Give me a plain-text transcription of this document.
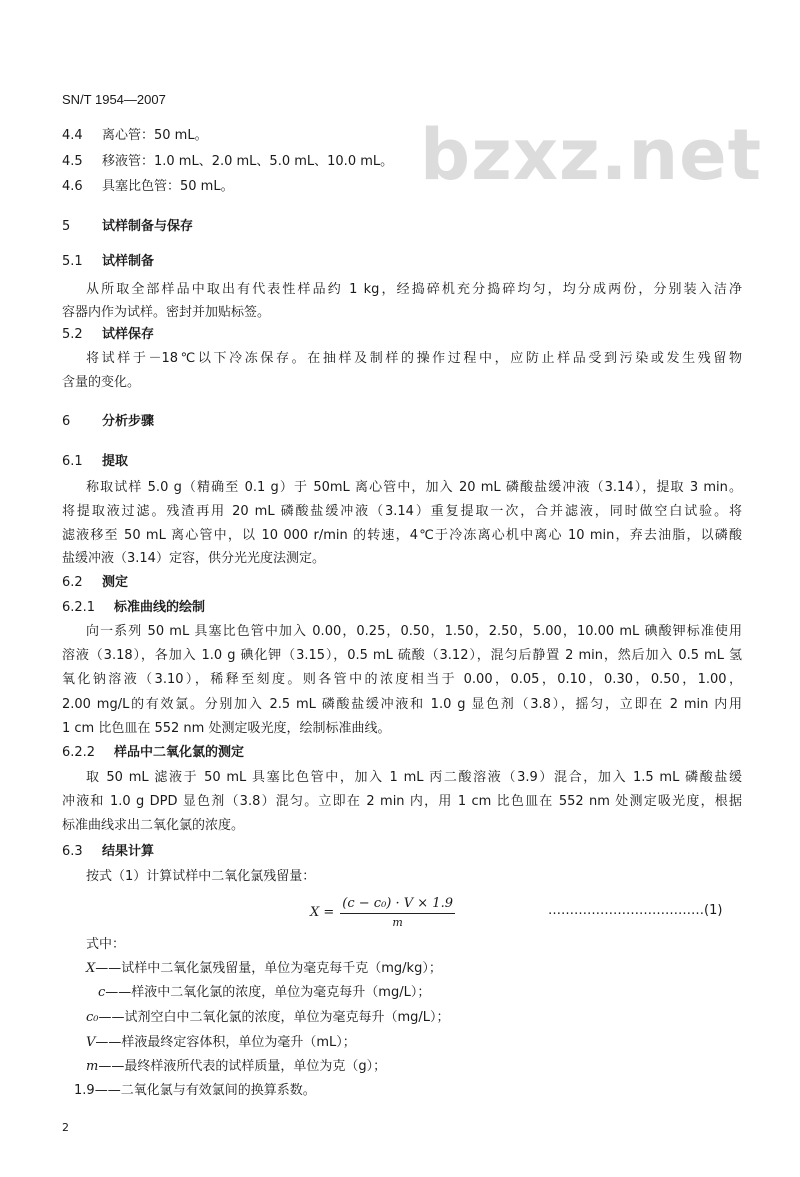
bzxz.net
SN/T 1954—2007
4.4 离心管：50 mL。
4.5 移液管：1.0 mL、2.0 mL、5.0 mL、10.0 mL。
4.6 具塞比色管：50 mL。
5 试样制备与保存
5.1 试样制备
从所取全部样品中取出有代表性样品约 1 kg，经捣碎机充分捣碎均匀，均分成两份，分别装入洁净
容器内作为试样。密封并加贴标签。
5.2 试样保存
将试样于－18℃以下冷冻保存。在抽样及制样的操作过程中，应防止样品受到污染或发生残留物
含量的变化。
6 分析步骤
6.1 提取
称取试样 5.0 g（精确至 0.1 g）于 50mL 离心管中，加入 20 mL 磷酸盐缓冲液（3.14），提取 3 min。
将提取液过滤。残渣再用 20 mL 磷酸盐缓冲液（3.14）重复提取一次，合并滤液，同时做空白试验。将
滤液移至 50 mL 离心管中，以 10 000 r/min 的转速，4℃于冷冻离心机中离心 10 min，弃去油脂，以磷酸
盐缓冲液（3.14）定容，供分光光度法测定。
6.2 测定
6.2.1 标准曲线的绘制
向一系列 50 mL 具塞比色管中加入 0.00，0.25，0.50，1.50，2.50，5.00，10.00 mL 碘酸钾标准使用
溶液（3.18），各加入 1.0 g 碘化钾（3.15），0.5 mL 硫酸（3.12），混匀后静置 2 min，然后加入 0.5 mL 氢
氧化钠溶液（3.10），稀释至刻度。则各管中的浓度相当于 0.00，0.05，0.10，0.30，0.50，1.00，
2.00 mg/L的有效氯。分别加入 2.5 mL 磷酸盐缓冲液和 1.0 g 显色剂（3.8），摇匀，立即在 2 min 内用
1 cm 比色皿在 552 nm 处测定吸光度，绘制标准曲线。
6.2.2 样品中二氧化氯的测定
取 50 mL 滤液于 50 mL 具塞比色管中，加入 1 mL 丙二酸溶液（3.9）混合，加入 1.5 mL 磷酸盐缓
冲液和 1.0 g DPD 显色剂（3.8）混匀。立即在 2 min 内，用 1 cm 比色皿在 552 nm 处测定吸光度，根据
标准曲线求出二氧化氯的浓度。
6.3 结果计算
按式（1）计算试样中二氧化氯残留量：
$X = \frac{\text{(c − c₀) · V × 1.9}}{m}$	………………………………(1)
式中：
X——试样中二氧化氯残留量，单位为毫克每千克（mg/kg）；
c——样液中二氧化氯的浓度，单位为毫克每升（mg/L）；
c₀——试剂空白中二氧化氯的浓度，单位为毫克每升（mg/L）；
V——样液最终定容体积，单位为毫升（mL）；
m——最终样液所代表的试样质量，单位为克（g）；
1.9——二氧化氯与有效氯间的换算系数。
2
